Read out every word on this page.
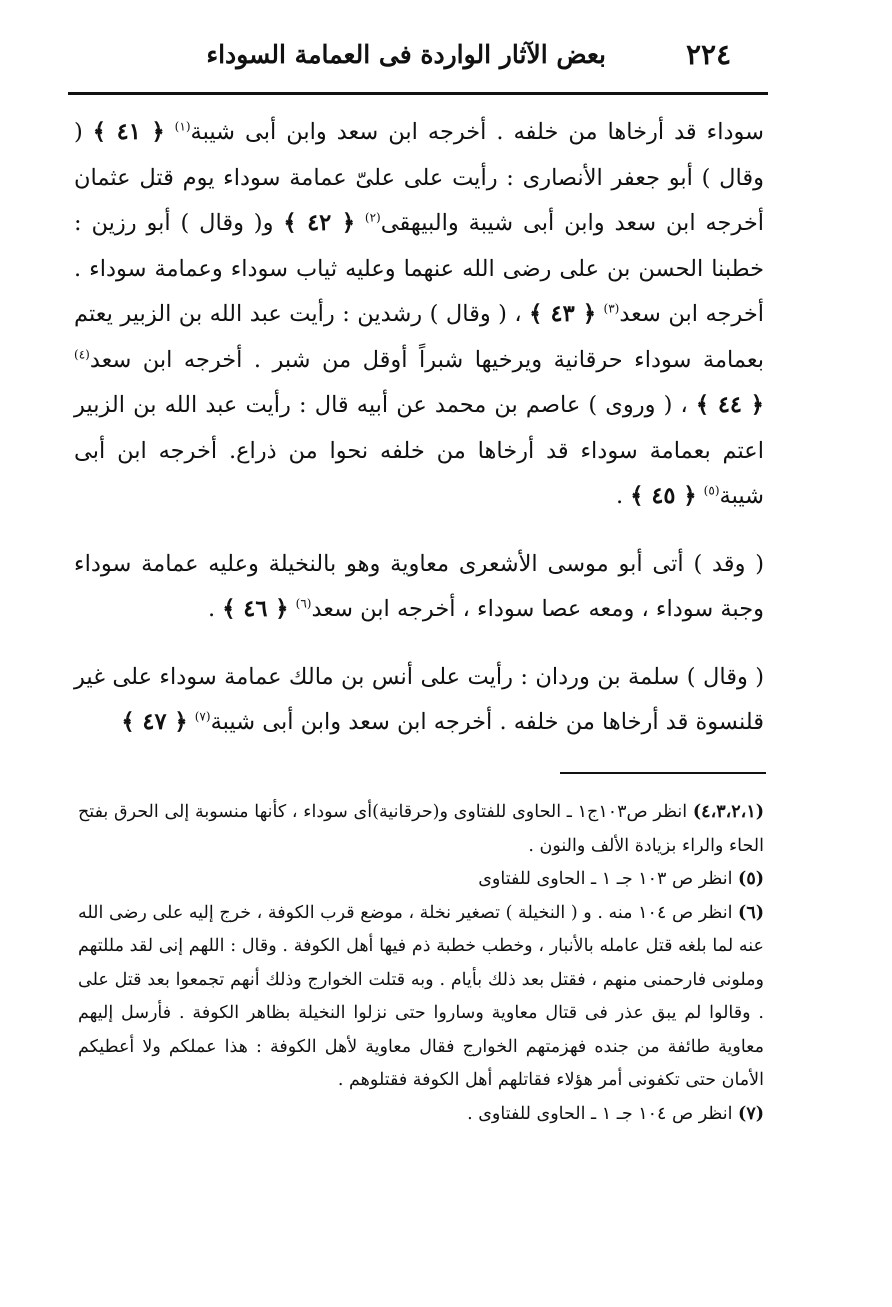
٢٢٤
بعض الآثار الواردة فى العمامة السوداء

سوداء قد أرخاها من خلفه . أخرجه ابن سعد وابن أبى شيبة$^{(١)}$ ﴿ ٤١ ﴾ ( وقال ) أبو جعفر الأنصارى : رأيت على علىّ عمامة سوداء يوم قتل عثمان أخرجه ابن سعد وابن أبى شيبة والبيهقى$^{(٢)}$ ﴿ ٤٢ ﴾ و( وقال ) أبو رزين : خطبنا الحسن بن على رضى الله عنهما وعليه ثياب سوداء وعمامة سوداء . أخرجه ابن سعد$^{(٣)}$ ﴿ ٤٣ ﴾ ، ( وقال ) رشدين : رأيت عبد الله بن الزبير يعتم بعمامة سوداء حرقانية ويرخيها شبراً أوقل من شبر . أخرجه ابن سعد$^{(٤)}$ ﴿ ٤٤ ﴾ ، ( وروى ) عاصم بن محمد عن أبيه قال : رأيت عبد الله بن الزبير اعتم بعمامة سوداء قد أرخاها من خلفه نحوا من ذراع. أخرجه ابن أبى شيبة$^{(٥)}$ ﴿ ٤٥ ﴾ .

( وقد ) أتى أبو موسى الأشعرى معاوية وهو بالنخيلة وعليه عمامة سوداء وجبة سوداء ، ومعه عصا سوداء ، أخرجه ابن سعد$^{(٦)}$ ﴿ ٤٦ ﴾ .

( وقال ) سلمة بن وردان : رأيت على أنس بن مالك عمامة سوداء على غير قلنسوة قد أرخاها من خلفه . أخرجه ابن سعد وابن أبى شيبة$^{(٧)}$ ﴿ ٤٧ ﴾

(٤،٣،٢،١) انظر ص١٠٣ج١ ـ الحاوى للفتاوى و(حرقانية)أى سوداء ، كأنها منسوبة إلى الحرق بفتح الحاء والراء بزيادة الألف والنون .

(٥) انظر ص ١٠٣ جـ ١ ـ الحاوى للفتاوى

(٦) انظر ص ١٠٤ منه . و ( النخيلة ) تصغير نخلة ، موضع قرب الكوفة ، خرج إليه على رضى الله عنه لما بلغه قتل عامله بالأنبار ، وخطب خطبة ذم فيها أهل الكوفة . وقال : اللهم إنى لقد مللتهم وملونى فارحمنى منهم ، فقتل بعد ذلك بأيام . وبه قتلت الخوارج وذلك أنهم تجمعوا بعد قتل على . وقالوا لم يبق عذر فى قتال معاوية وساروا حتى نزلوا النخيلة بظاهر الكوفة . فأرسل إليهم معاوية طائفة من جنده فهزمتهم الخوارج فقال معاوية لأهل الكوفة : هذا عملكم ولا أعطيكم الأمان حتى تكفونى أمر هؤلاء فقاتلهم أهل الكوفة فقتلوهم .

(٧) انظر ص ١٠٤ جـ ١ ـ الحاوى للفتاوى .
